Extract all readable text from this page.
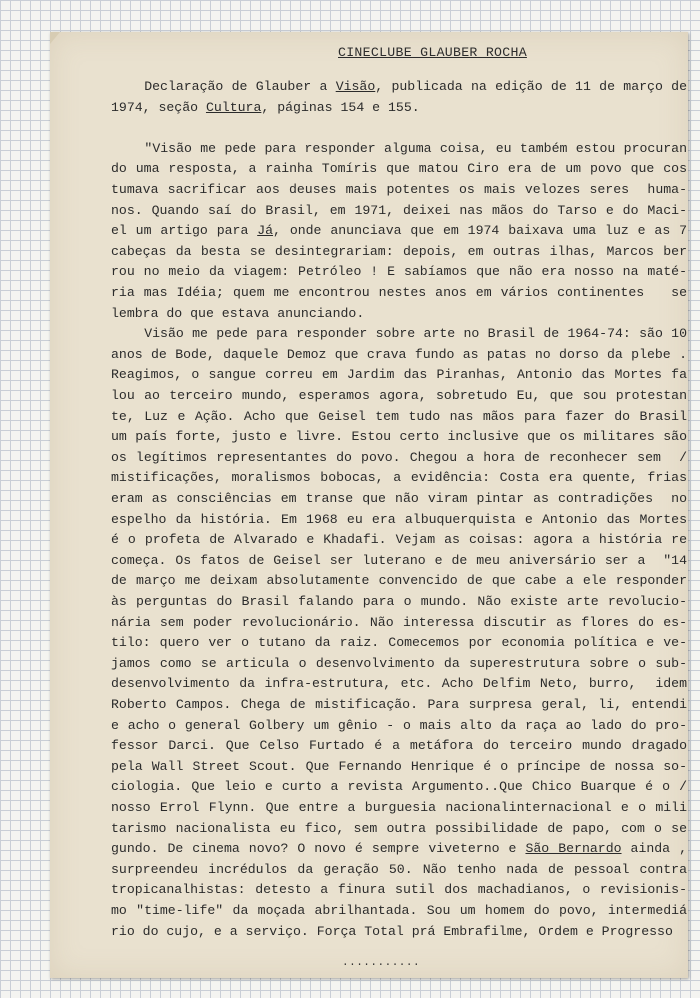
CINECLUBE GLAUBER ROCHA
Declaração de Glauber a Visão, publicada na edição de 11 de março de
1974, seção Cultura, páginas 154 e 155.
"Visão me pede para responder alguma coisa, eu também estou procuran
do uma resposta, a rainha Tomíris que matou Ciro era de um povo que cos
tumava sacrificar aos deuses mais potentes os mais velozes seres  huma-
nos. Quando saí do Brasil, em 1971, deixei nas mãos do Tarso e do Maci-
el um artigo para Já, onde anunciava que em 1974 baixava uma luz e as 7
cabeças da besta se desintegrariam: depois, em outras ilhas, Marcos ber
rou no meio da viagem: Petróleo ! E sabíamos que não era nosso na maté-
ria mas Idéia; quem me encontrou nestes anos em vários continentes   se
lembra do que estava anunciando.
Visão me pede para responder sobre arte no Brasil de 1964-74: são 10
anos de Bode, daquele Demoz que crava fundo as patas no dorso da plebe .
Reagimos, o sangue correu em Jardim das Piranhas, Antonio das Mortes fa
lou ao terceiro mundo, esperamos agora, sobretudo Eu, que sou protestan
te, Luz e Ação. Acho que Geisel tem tudo nas mãos para fazer do Brasil
um país forte, justo e livre. Estou certo inclusive que os militares são
os legítimos representantes do povo. Chegou a hora de reconhecer sem  /
mistificações, moralismos bobocas, a evidência: Costa era quente, frias
eram as consciências em transe que não viram pintar as contradições  no
espelho da história. Em 1968 eu era albuquerquista e Antonio das Mortes
é o profeta de Alvarado e Khadafi. Vejam as coisas: agora a história re
começa. Os fatos de Geisel ser luterano e de meu aniversário ser a  "14
de março me deixam absolutamente convencido de que cabe a ele responder
às perguntas do Brasil falando para o mundo. Não existe arte revolucio-
nária sem poder revolucionário. Não interessa discutir as flores do es-
tilo: quero ver o tutano da raiz. Comecemos por economia política e ve-
jamos como se articula o desenvolvimento da superestrutura sobre o sub-
desenvolvimento da infra-estrutura, etc. Acho Delfim Neto, burro,  idem
Roberto Campos. Chega de mistificação. Para surpresa geral, li, entendi
e acho o general Golbery um gênio - o mais alto da raça ao lado do pro-
fessor Darci. Que Celso Furtado é a metáfora do terceiro mundo dragado
pela Wall Street Scout. Que Fernando Henrique é o príncipe de nossa so-
ciologia. Que leio e curto a revista Argumento..Que Chico Buarque é o /
nosso Errol Flynn. Que entre a burguesia nacionalinternacional e o mili
tarismo nacionalista eu fico, sem outra possibilidade de papo, com o se
gundo. De cinema novo? O novo é sempre viveterno e São Bernardo ainda ,
surpreendeu incrédulos da geração 50. Não tenho nada de pessoal contra
tropicanalhistas: detesto a finura sutil dos machadianos, o revisionis-
mo "time-life" da moçada abrilhantada. Sou um homem do povo, intermediá
rio do cujo, e a serviço. Força Total prá Embrafilme, Ordem e Progresso
...........
